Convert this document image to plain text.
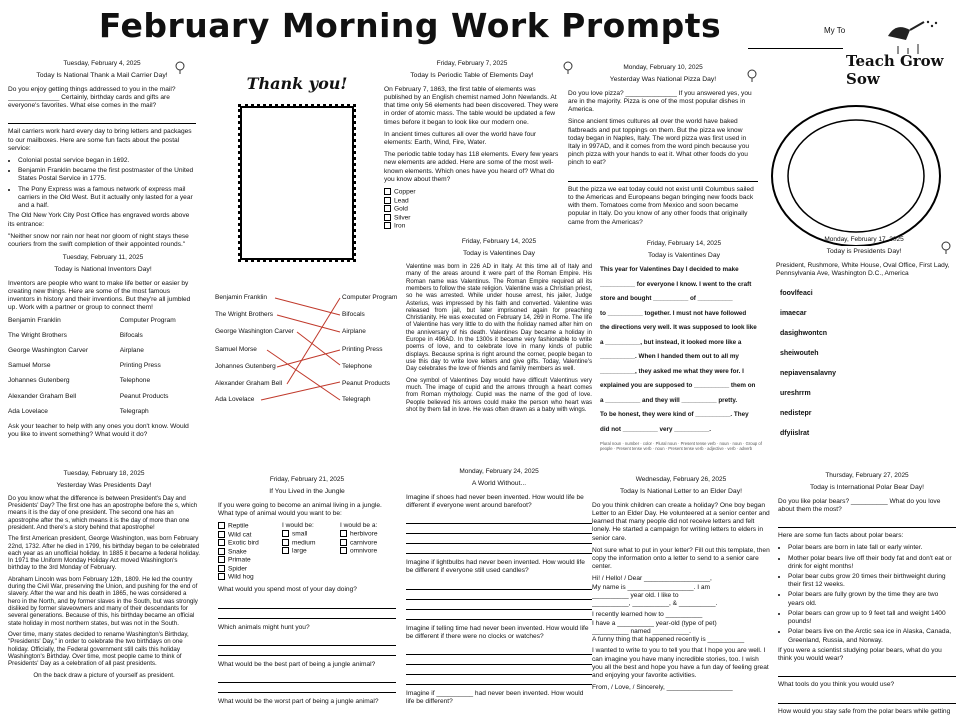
February Morning Work Prompts	My To
Teach Grow Sow
Tuesday, February 4, 2025
Today Is National Thank a Mail Carrier Day!

Do you enjoy getting things addressed to you in the mail? ______________ Certainly, birthday cards and gifts are everyone's favorites. What else comes in the mail?

Mail carriers work hard every day to bring letters and packages to our mailboxes. Here are some fun facts about the postal service:

• Colonial postal service began in 1692.
• Benjamin Franklin became the first postmaster of the United States Postal Service in 1775.
• The Pony Express was a famous network of express mail carriers in the Old West. But it actually only lasted for a year and a half.

The Old New York City Post Office has engraved words above its entrance:

"Neither snow nor rain nor heat nor gloom of night stays these couriers from the swift completion of their appointed rounds."

Thank you!
Friday, February 7, 2025
Today Is Periodic Table of Elements Day!

On February 7, 1863, the first table of elements was published by an English chemist named John Newlands. At that time only 56 elements had been discovered. They were in order of atomic mass. The table would be updated a few times before it began to look like our modern one.

In ancient times cultures all over the world have four elements: Earth, Wind, Fire, Water.

The periodic table today has 118 elements. Every few years new elements are added. Here are some of the most well-known elements. Which ones have you heard of? What do you know about them?

Copper
Lead
Gold
Silver
Iron
Monday, February 10, 2025
Yesterday Was National Pizza Day!

Do you love pizza? ______________ If you answered yes, you are in the majority. Pizza is one of the most popular dishes in America.

Since ancient times cultures all over the world have baked flatbreads and put toppings on them. But the pizza we know today began in Naples, Italy. The word pizza was first used in Italy in 997AD, and it comes from the word pinch because you pinch pizza with your hands to eat it. What other foods do you pinch to eat?

But the pizza we eat today could not exist until Columbus sailed to the Americas and Europeans began bringing new foods back with them. Tomatoes come from Mexico and soon became popular in Italy. Do you know of any other foods that originally came from the Americas?

Tuesday, February 11, 2025
Today is National Inventors Day!

Inventors are people who want to make life better or easier by creating new things. Here are some of the most famous inventors in history and their inventions. But they're all jumbled up. Work with a partner or group to connect them!

Benjamin Franklin	Computer Program
The Wright Brothers	Bifocals
George Washington Carver	Airplane
Samuel Morse	Printing Press
Johannes Gutenberg	Telephone
Alexander Graham Bell	Peanut Products
Ada Lovelace	Telegraph

Ask your teacher to help with any ones you don't know. Would you like to invent something? What would it do?

Benjamin Franklin
The Wright Brothers
George Washington Carver
Samuel Morse
Johannes Gutenberg
Alexander Graham Bell
Ada Lovelace
Computer Program
Bifocals
Airplane
Printing Press
Telephone
Peanut Products
Telegraph
Friday, February 14, 2025
Today is Valentines Day

Valentine was born in 226 AD in Italy. At this time all of Italy and many of the areas around it were part of the Roman Empire. His Roman name was Valentinus. The Roman Empire required all its members to follow the state religion. Valentine was a Christian priest, so he was arrested. While under house arrest, his jailer, Judge Asterius, was impressed by his faith and converted. Valentine was released from jail, but later imprisoned again for preaching Christianity. He was executed on February 14, 269 in Rome. The life of Valentine has very little to do with the holiday named after him on the anniversary of his death. Valentines Day became a holiday in Europe in 496AD. In the 1300s it became very fashionable to write poems of love, and to celebrate love in many kinds of public displays. Because sprina is right around the corner, people began to use this day to write love letters and give gifts. Today, Valentine's Day celebrates the love of friends and family members as well.

One symbol of Valentines Day would have difficult Valentinus very much. The image of cupid and the arrows through a heart comes from Roman mythology. Cupid was the name of the god of love. People believed his arrows could make the person who heart was shot by them fall in love. He was often drawn as a baby with wings.

Friday, February 14, 2025
Today is Valentines Day
This year for Valentines Day I decided to make
__________ for everyone I know. I went to the craft
store and bought __________ of __________
to __________ together. I must not have followed
the directions very well. It was supposed to look like
a __________, but instead, it looked more like a
__________. When I handed them out to all my
__________, they asked me what they were for. I
explained you are supposed to __________ them on
a __________ and they will __________ pretty.
To be honest, they were kind of __________. They
did not __________ very __________.
Plural noun · number · color · Plural noun · Present tense verb · noun · noun · Group of people · Present tense verb · noun · Present tense verb · adjective · verb · adverb
Monday, February 17, 2025
Today is Presidents Day!

President, Rushmore, White House, Oval Office, First Lady, Pennsylvania Ave, Washington D.C., America

foovlfeaci
imaecar
dasighwontcn
sheiwouteh
nepiavensalavny
ureshrrm
nedistepr
dfyiislrat
Tuesday, February 18, 2025
Yesterday Was Presidents Day!

Do you know what the difference is between President's Day and Presidents' Day? The first one has an apostrophe before the s, which means it is the day of one president. The second one has an apostrophe after the s, which means it is the day of more than one president. And there's a story behind that apostrophe!

The first American president, George Washington, was born February 22nd, 1732. After he died in 1799, his birthday began to be celebrated each year as an unofficial holiday. In 1885 it became a federal holiday. In 1971 the Uniform Monday Holiday Act moved Washington's birthday to the 3rd Monday of February.

Abraham Lincoln was born February 12th, 1809. He led the country during the Civil War, preserving the Union, and pushing for the end of slavery. After the war and his death in 1865, he was considered a hero in the North, and by former slaves in the South, but was strongly disliked by former slaveowners and many of their descendants for several generations. Because of this, his birthday became an official state holiday in most northern states, but was not in the South.

Over time, many states decided to rename Washington's Birthday, "Presidents' Day," in order to celebrate the two birthdays on one holiday. Officially, the Federal government still calls this holiday Washington's Birthday. Over time, most people came to think of Presidents' Day as a celebration of all past presidents.

On the back draw a picture of yourself as president.
Friday, February 21, 2025
If You Lived in the Jungle

If you were going to become an animal living in a jungle. What type of animal would you want to be:

Reptile
Wild cat
Exotic bird
Snake
Primate
Spider
Wild hog
I would be:
small
medium
large
I would be a:
herbivore
carnivore
omnivore

What would you spend most of your day doing?

Which animals might hunt you?

What would be the best part of being a jungle animal?

What would be the worst part of being a jungle animal?

Monday, February 24, 2025
A World Without...

Imagine if shoes had never been invented. How would life be different if everyone went around barefoot?

Imagine if lightbulbs had never been invented. How would life be different if everyone still used candles?

Imagine if telling time had never been invented. How would life be different if there were no clocks or watches?

Imagine if __________ had never been invented. How would life be different?

Wednesday, February 26, 2025
Today Is National Letter to an Elder Day!

Do you think children can create a holiday? One boy began Letter to an Elder Day. He volunteered at a senior center and learned that many people did not receive letters and felt lonely. He started a campaign for writing letters to elders in senior care.

Not sure what to put in your letter? Fill out this template, then copy the information onto a letter to send to a senior care center.

Hi! / Hello! / Dear __________________,
My name is __________________. I am
__________ year old. I like to
__________, __________, & __________.
I recently learned how to __________
I have a __________ year-old (type of pet)
__________ named __________.
A funny thing that happened recently is __________

I wanted to write to you to tell you that I hope you are well. I can imagine you have many incredible stories, too. I wish you all the best and hope you have a fun day of feeling great and enjoying your favorite activities.

From, / Love, / Sincerely, __________________
Thursday, February 27, 2025
Today is International Polar Bear Day!

Do you like polar bears? __________ What do you love about them the most?

Here are some fun facts about polar bears:

• Polar bears are born in late fall or early winter.
• Mother polar bears live off their body fat and don't eat or drink for eight months!
• Polar bear cubs grow 20 times their birthweight during their first 12 weeks.
• Polar bears are fully grown by the time they are two years old.
• Polar bears can grow up to 9 feet tall and weight 1400 pounds!
• Polar bears live on the Arctic sea ice in Alaska, Canada, Greenland, Russia, and Norway.

If you were a scientist studying polar bears, what do you think you would wear?

What tools do you think you would use?

How would you stay safe from the polar bears while getting
